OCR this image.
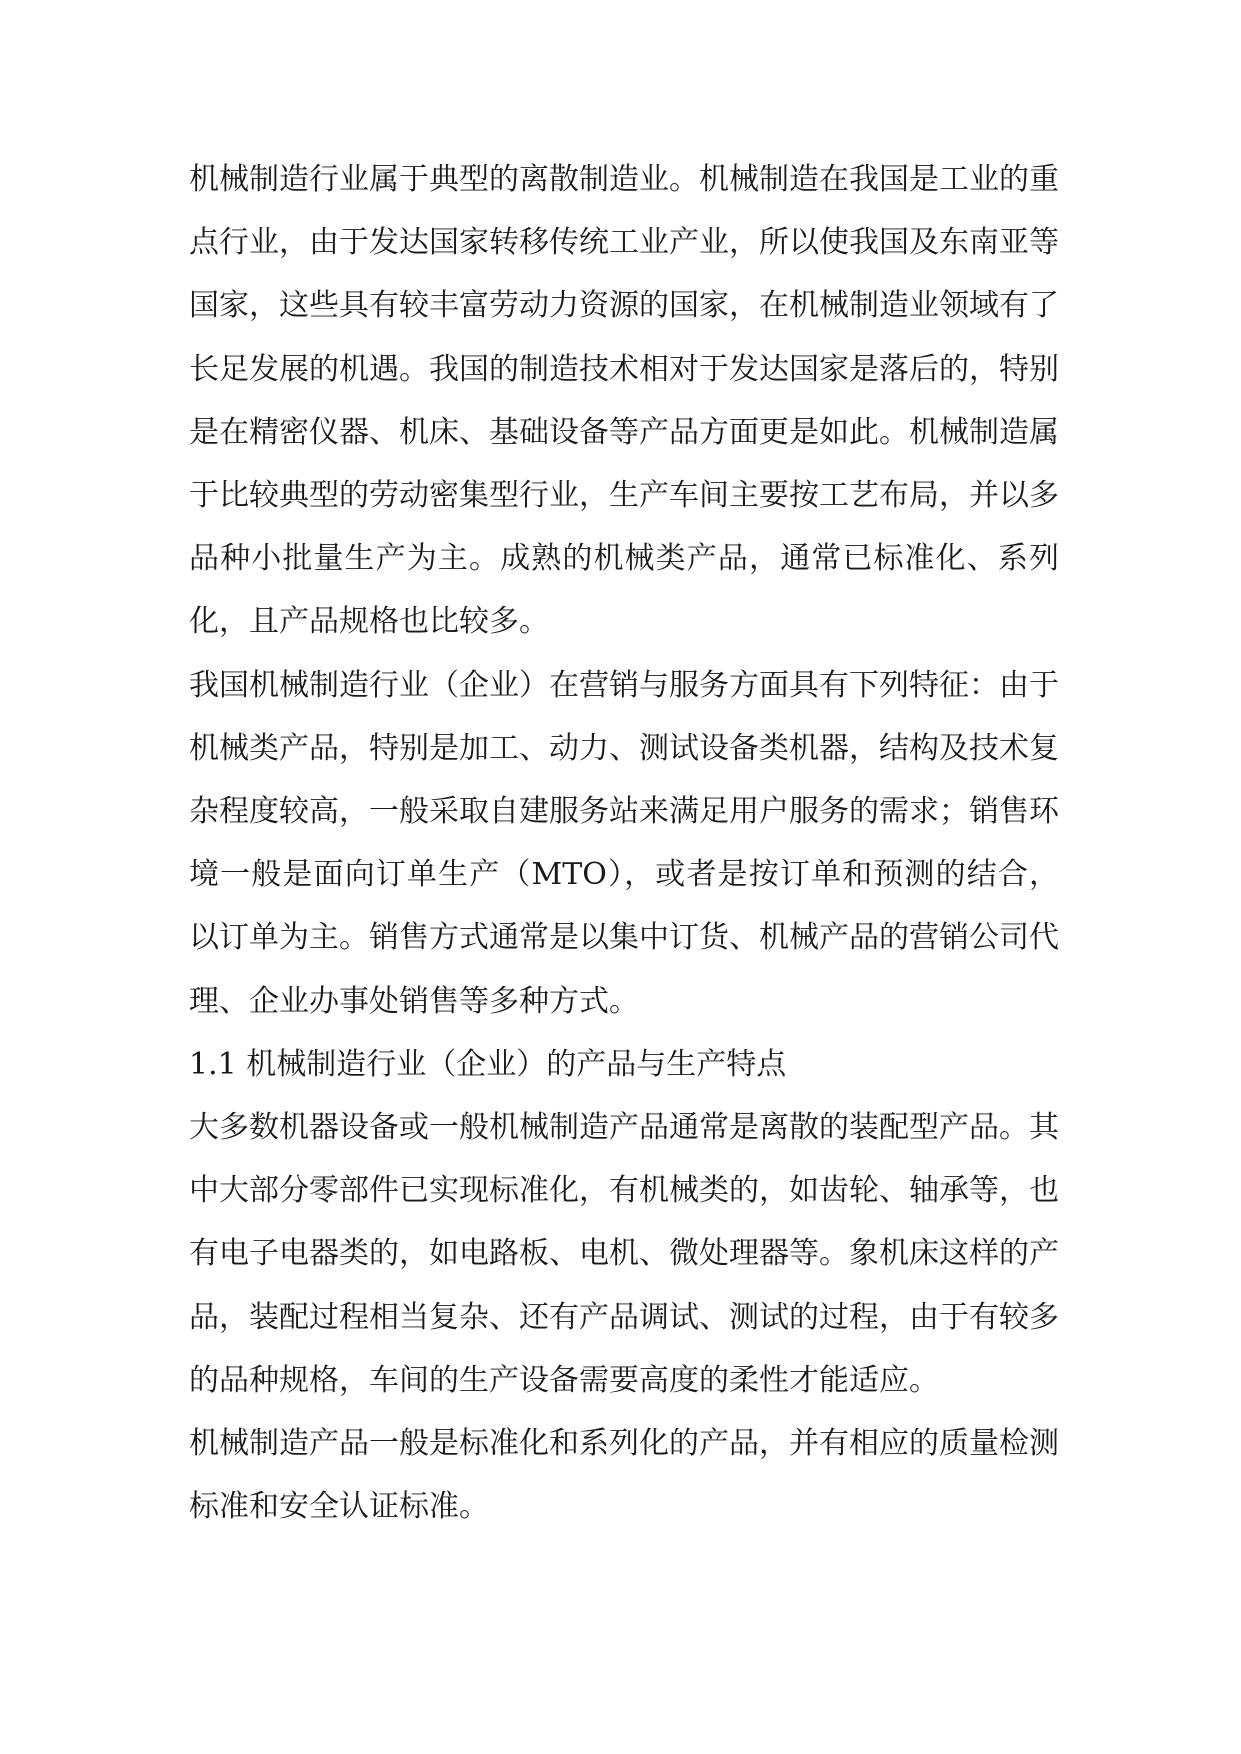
机械制造行业属于典型的离散制造业。机械制造在我国是工业的重点行业，由于发达国家转移传统工业产业，所以使我国及东南亚等国家，这些具有较丰富劳动力资源的国家，在机械制造业领域有了长足发展的机遇。我国的制造技术相对于发达国家是落后的，特别是在精密仪器、机床、基础设备等产品方面更是如此。机械制造属于比较典型的劳动密集型行业，生产车间主要按工艺布局，并以多品种小批量生产为主。成熟的机械类产品，通常已标准化、系列化，且产品规格也比较多。

我国机械制造行业（企业）在营销与服务方面具有下列特征：由于机械类产品，特别是加工、动力、测试设备类机器，结构及技术复杂程度较高，一般采取自建服务站来满足用户服务的需求；销售环境一般是面向订单生产（MTO），或者是按订单和预测的结合，以订单为主。销售方式通常是以集中订货、机械产品的营销公司代理、企业办事处销售等多种方式。

1.1 机械制造行业（企业）的产品与生产特点

大多数机器设备或一般机械制造产品通常是离散的装配型产品。其中大部分零部件已实现标准化，有机械类的，如齿轮、轴承等，也有电子电器类的，如电路板、电机、微处理器等。象机床这样的产品，装配过程相当复杂、还有产品调试、测试的过程，由于有较多的品种规格，车间的生产设备需要高度的柔性才能适应。

机械制造产品一般是标准化和系列化的产品，并有相应的质量检测标准和安全认证标准。
